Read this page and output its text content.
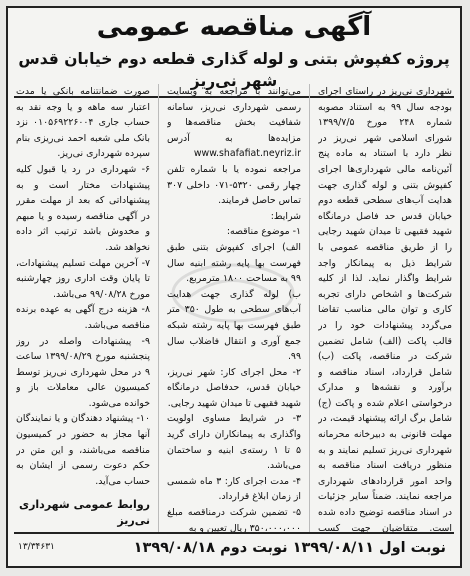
آگهی مناقصه عمومی
پروژه کفپوش بتنی و لوله گذاری قطعه دوم خیابان قدس شهر نی‌ریز

شهرداری نی‌ریز در راستای اجرای بودجه سال ۹۹ به استناد مصوبه شماره ۲۴۸ مورخ ۱۳۹۹/۷/۵ شورای اسلامی شهر نی‌ریز در نظر دارد با استناد به ماده پنج آئین‌نامه مالی شهرداری‌ها اجرای کفپوش بتنی و لوله گذاری جهت هدایت آب‌های سطحی قطعه دوم خیابان قدس حد فاصل درمانگاه شهید فقیهی تا میدان شهید رجایی را از طریق مناقصه عمومی با شرایط ذیل به پیمانکار واجد شرایط واگذار نماید. لذا از کلیه شرکت‌ها و اشخاص دارای تجربه کاری و توان مالی مناسب تقاضا می‌گردد پیشنهادات خود را در قالب پاکت (الف) شامل تضمین شرکت در مناقصه، پاکت (ب) شامل قرارداد، اسناد مناقصه و برآورد و نقشه‌ها و مدارک درخواستی اعلام شده و پاکت (ج) شامل برگ ارائه پیشنهاد قیمت، در مهلت قانونی به دبیرخانه محرمانه شهرداری نی‌ریز تسلیم نمایند و به منظور دریافت اسناد مناقصه به واحد امور قراردادهای شهرداری مراجعه نمایند. ضمناً سایر جزئیات در اسناد مناقصه توضیح داده شده است. متقاضیان جهت کسب

می‌توانند با مراجعه به وبسایت رسمی شهرداری نی‌ریز، سامانه شفافیت بخش مناقصه‌ها و مزایده‌ها به آدرس www.shafafiat.neyriz.ir مراجعه نموده یا با شماره تلفن چهار رقمی ۵۳۲۰-۰۷۱ داخلی ۳۰۷ تماس حاصل فرمایند.
شرایط:
۱- موضوع مناقصه:
الف) اجرای کفپوش بتنی طبق فهرست بها پایه رشته ابنیه سال ۹۹ به مساحت ۱۸۰۰ مترمربع.
ب) لوله گذاری جهت هدایت آب‌های سطحی به طول ۳۵۰ متر طبق فهرست بها پایه رشته شبکه جمع آوری و انتقال فاضلاب سال ۹۹.
۲- محل اجرای کار: شهر نی‌ریز، خیابان قدس، حدفاصل درمانگاه شهید فقیهی تا میدان شهید رجایی.
۳- در شرایط مساوی اولویت واگذاری به پیمانکاران دارای گرید ۵ تا ۱ رسته‌ی ابنیه و ساختمان می‌باشد.
۴- مدت اجرای کار: ۳ ماه شمسی از زمان ابلاغ قرارداد.
۵- تضمین شرکت درمناقصه مبلغ ۳۵۰،۰۰۰،۰۰۰ ریال تعیین و به

صورت ضمانتنامه بانکی یا مدت اعتبار سه ماهه و یا وجه نقد به حساب جاری ۰۱۰۵۶۹۲۲۶۰۰۴ نزد بانک ملی شعبه احمد نی‌ریزی بنام سپرده شهرداری نی‌ریز.
۶- شهرداری در رد یا قبول کلیه پیشنهادات مختار است و به پیشنهاداتی که بعد از مهلت مقرر در آگهی مناقصه رسیده و یا مبهم و مخدوش باشد ترتیب اثر داده نخواهد شد.
۷- آخرین مهلت تسلیم پیشنهادات، تا پایان وقت اداری روز چهارشنبه مورخ ۹۹/۰۸/۲۸ می‌باشد.
۸- هزینه درج آگهی به عهده برنده مناقصه می‌باشد.
۹- پیشنهادات واصله در روز پنجشنبه مورخ ۱۳۹۹/۰۸/۲۹ ساعت ۹ در محل شهرداری نی‌ریز توسط کمیسیون عالی معاملات باز و خوانده می‌شود.
۱۰- پیشنهاد دهندگان و یا نمایندگان آنها مجاز به حضور در کمیسیون مناقصه می‌باشند، و این متن در حکم دعوت رسمی از ایشان به حساب می‌آید.

روابط عمومی شهرداری نی‌ریز
نوبت اول ۱۳۹۹/۰۸/۱۱ نوبت دوم ۱۳۹۹/۰۸/۱۸
۱۳/۳۴۶۳۱
